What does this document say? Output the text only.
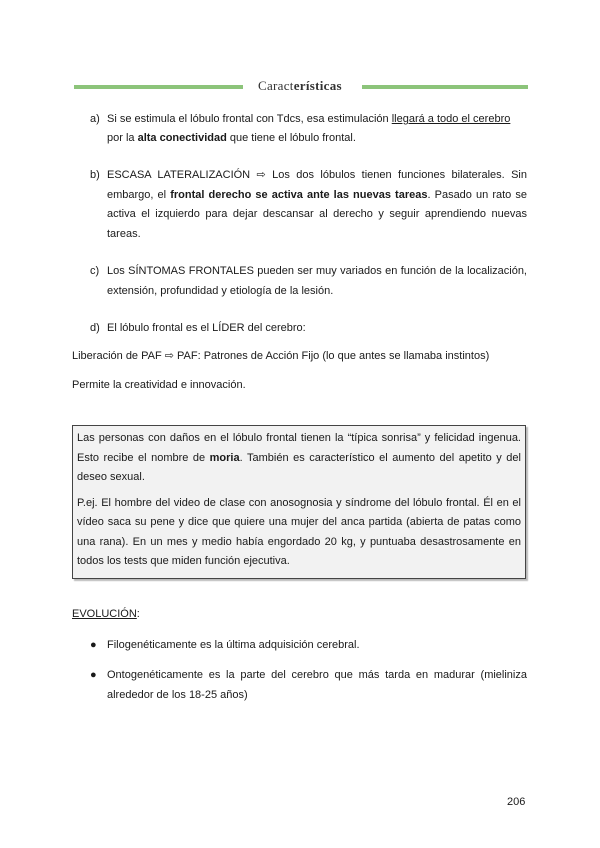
Características
a) Si se estimula el lóbulo frontal con Tdcs, esa estimulación llegará a todo el cerebro
por la alta conectividad que tiene el lóbulo frontal.
b) ESCASA LATERALIZACIÓN ⇨ Los dos lóbulos tienen funciones bilaterales. Sin embargo, el frontal derecho se activa ante las nuevas tareas. Pasado un rato se activa el izquierdo para dejar descansar al derecho y seguir aprendiendo nuevas tareas.
c) Los SÍNTOMAS FRONTALES pueden ser muy variados en función de la localización, extensión, profundidad y etiología de la lesión.
d) El lóbulo frontal es el LÍDER del cerebro:
Liberación de PAF ⇨ PAF: Patrones de Acción Fijo (lo que antes se llamaba instintos)
Permite la creatividad e innovación.

Las personas con daños en el lóbulo frontal tienen la “típica sonrisa” y felicidad ingenua. Esto recibe el nombre de moria. También es característico el aumento del apetito y del deseo sexual.

P.ej. El hombre del video de clase con anosognosia y síndrome del lóbulo frontal. Él en el vídeo saca su pene y dice que quiere una mujer del anca partida (abierta de patas como una rana). En un mes y medio había engordado 20 kg, y puntuaba desastrosamente en todos los tests que miden función ejecutiva.

EVOLUCIÓN:
● Filogenéticamente es la última adquisición cerebral.
● Ontogenéticamente es la parte del cerebro que más tarda en madurar (mieliniza alrededor de los 18-25 años)
206
